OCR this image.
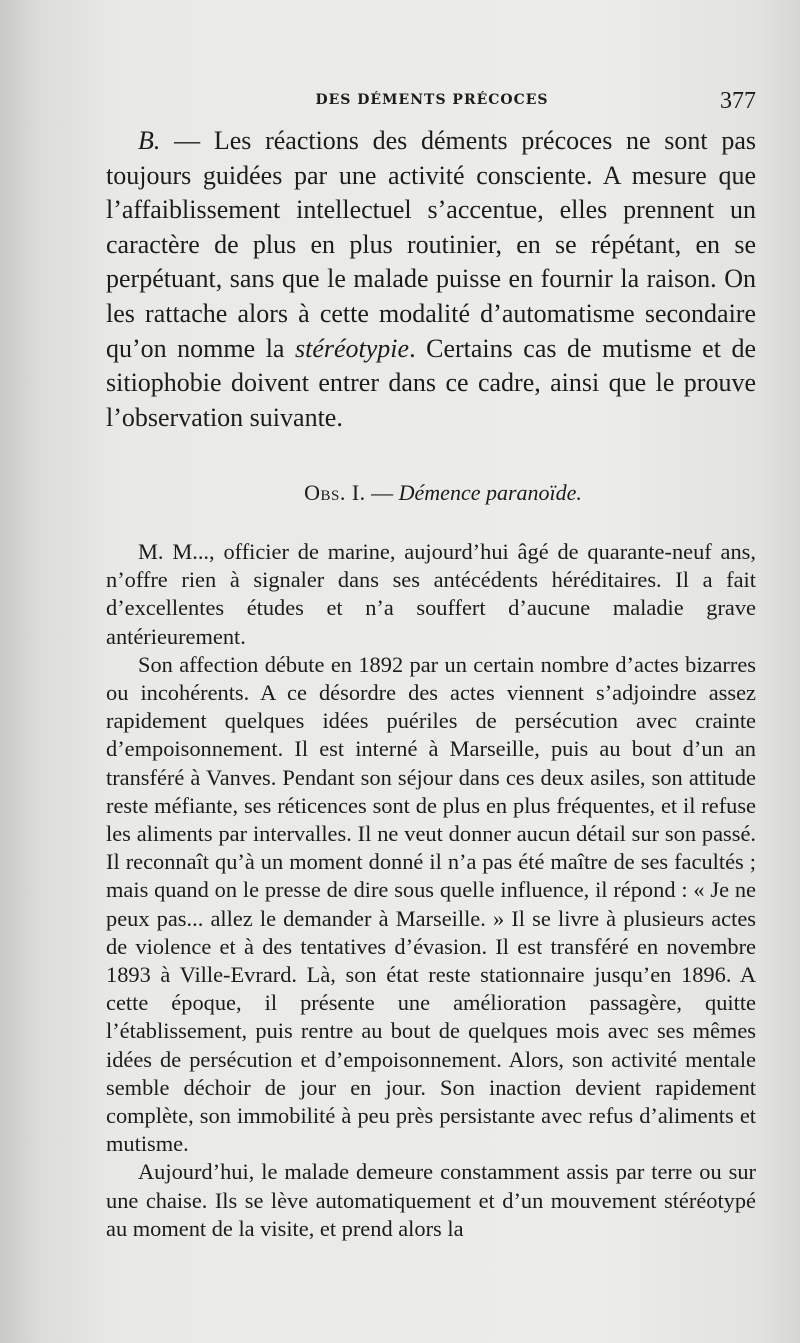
DES DÉMENTS PRÉCOCES	377

B. — Les réactions des déments précoces ne sont pas toujours guidées par une activité consciente. A mesure que l’affaiblissement intellectuel s’accentue, elles prennent un caractère de plus en plus routinier, en se répétant, en se perpétuant, sans que le malade puisse en fournir la raison. On les rattache alors à cette modalité d’automatisme secondaire qu’on nomme la stéréotypie. Certains cas de mutisme et de sitiophobie doivent entrer dans ce cadre, ainsi que le prouve l’observation suivante.

Obs. I. — Démence paranoïde.

M. M..., officier de marine, aujourd’hui âgé de quarante-neuf ans, n’offre rien à signaler dans ses antécédents héréditaires. Il a fait d’excellentes études et n’a souffert d’aucune maladie grave antérieurement.

Son affection débute en 1892 par un certain nombre d’actes bizarres ou incohérents. A ce désordre des actes viennent s’adjoindre assez rapidement quelques idées puériles de persécution avec crainte d’empoisonnement. Il est interné à Marseille, puis au bout d’un an transféré à Vanves. Pendant son séjour dans ces deux asiles, son attitude reste méfiante, ses réticences sont de plus en plus fréquentes, et il refuse les aliments par intervalles. Il ne veut donner aucun détail sur son passé. Il reconnaît qu’à un moment donné il n’a pas été maître de ses facultés ; mais quand on le presse de dire sous quelle influence, il répond : « Je ne peux pas... allez le demander à Marseille. » Il se livre à plusieurs actes de violence et à des tentatives d’évasion. Il est transféré en novembre 1893 à Ville-Evrard. Là, son état reste stationnaire jusqu’en 1896. A cette époque, il présente une amélioration passagère, quitte l’établissement, puis rentre au bout de quelques mois avec ses mêmes idées de persécution et d’empoisonnement. Alors, son activité mentale semble déchoir de jour en jour. Son inaction devient rapidement complète, son immobilité à peu près persistante avec refus d’aliments et mutisme.

Aujourd’hui, le malade demeure constamment assis par terre ou sur une chaise. Ils se lève automatiquement et d’un mouvement stéréotypé au moment de la visite, et prend alors la
